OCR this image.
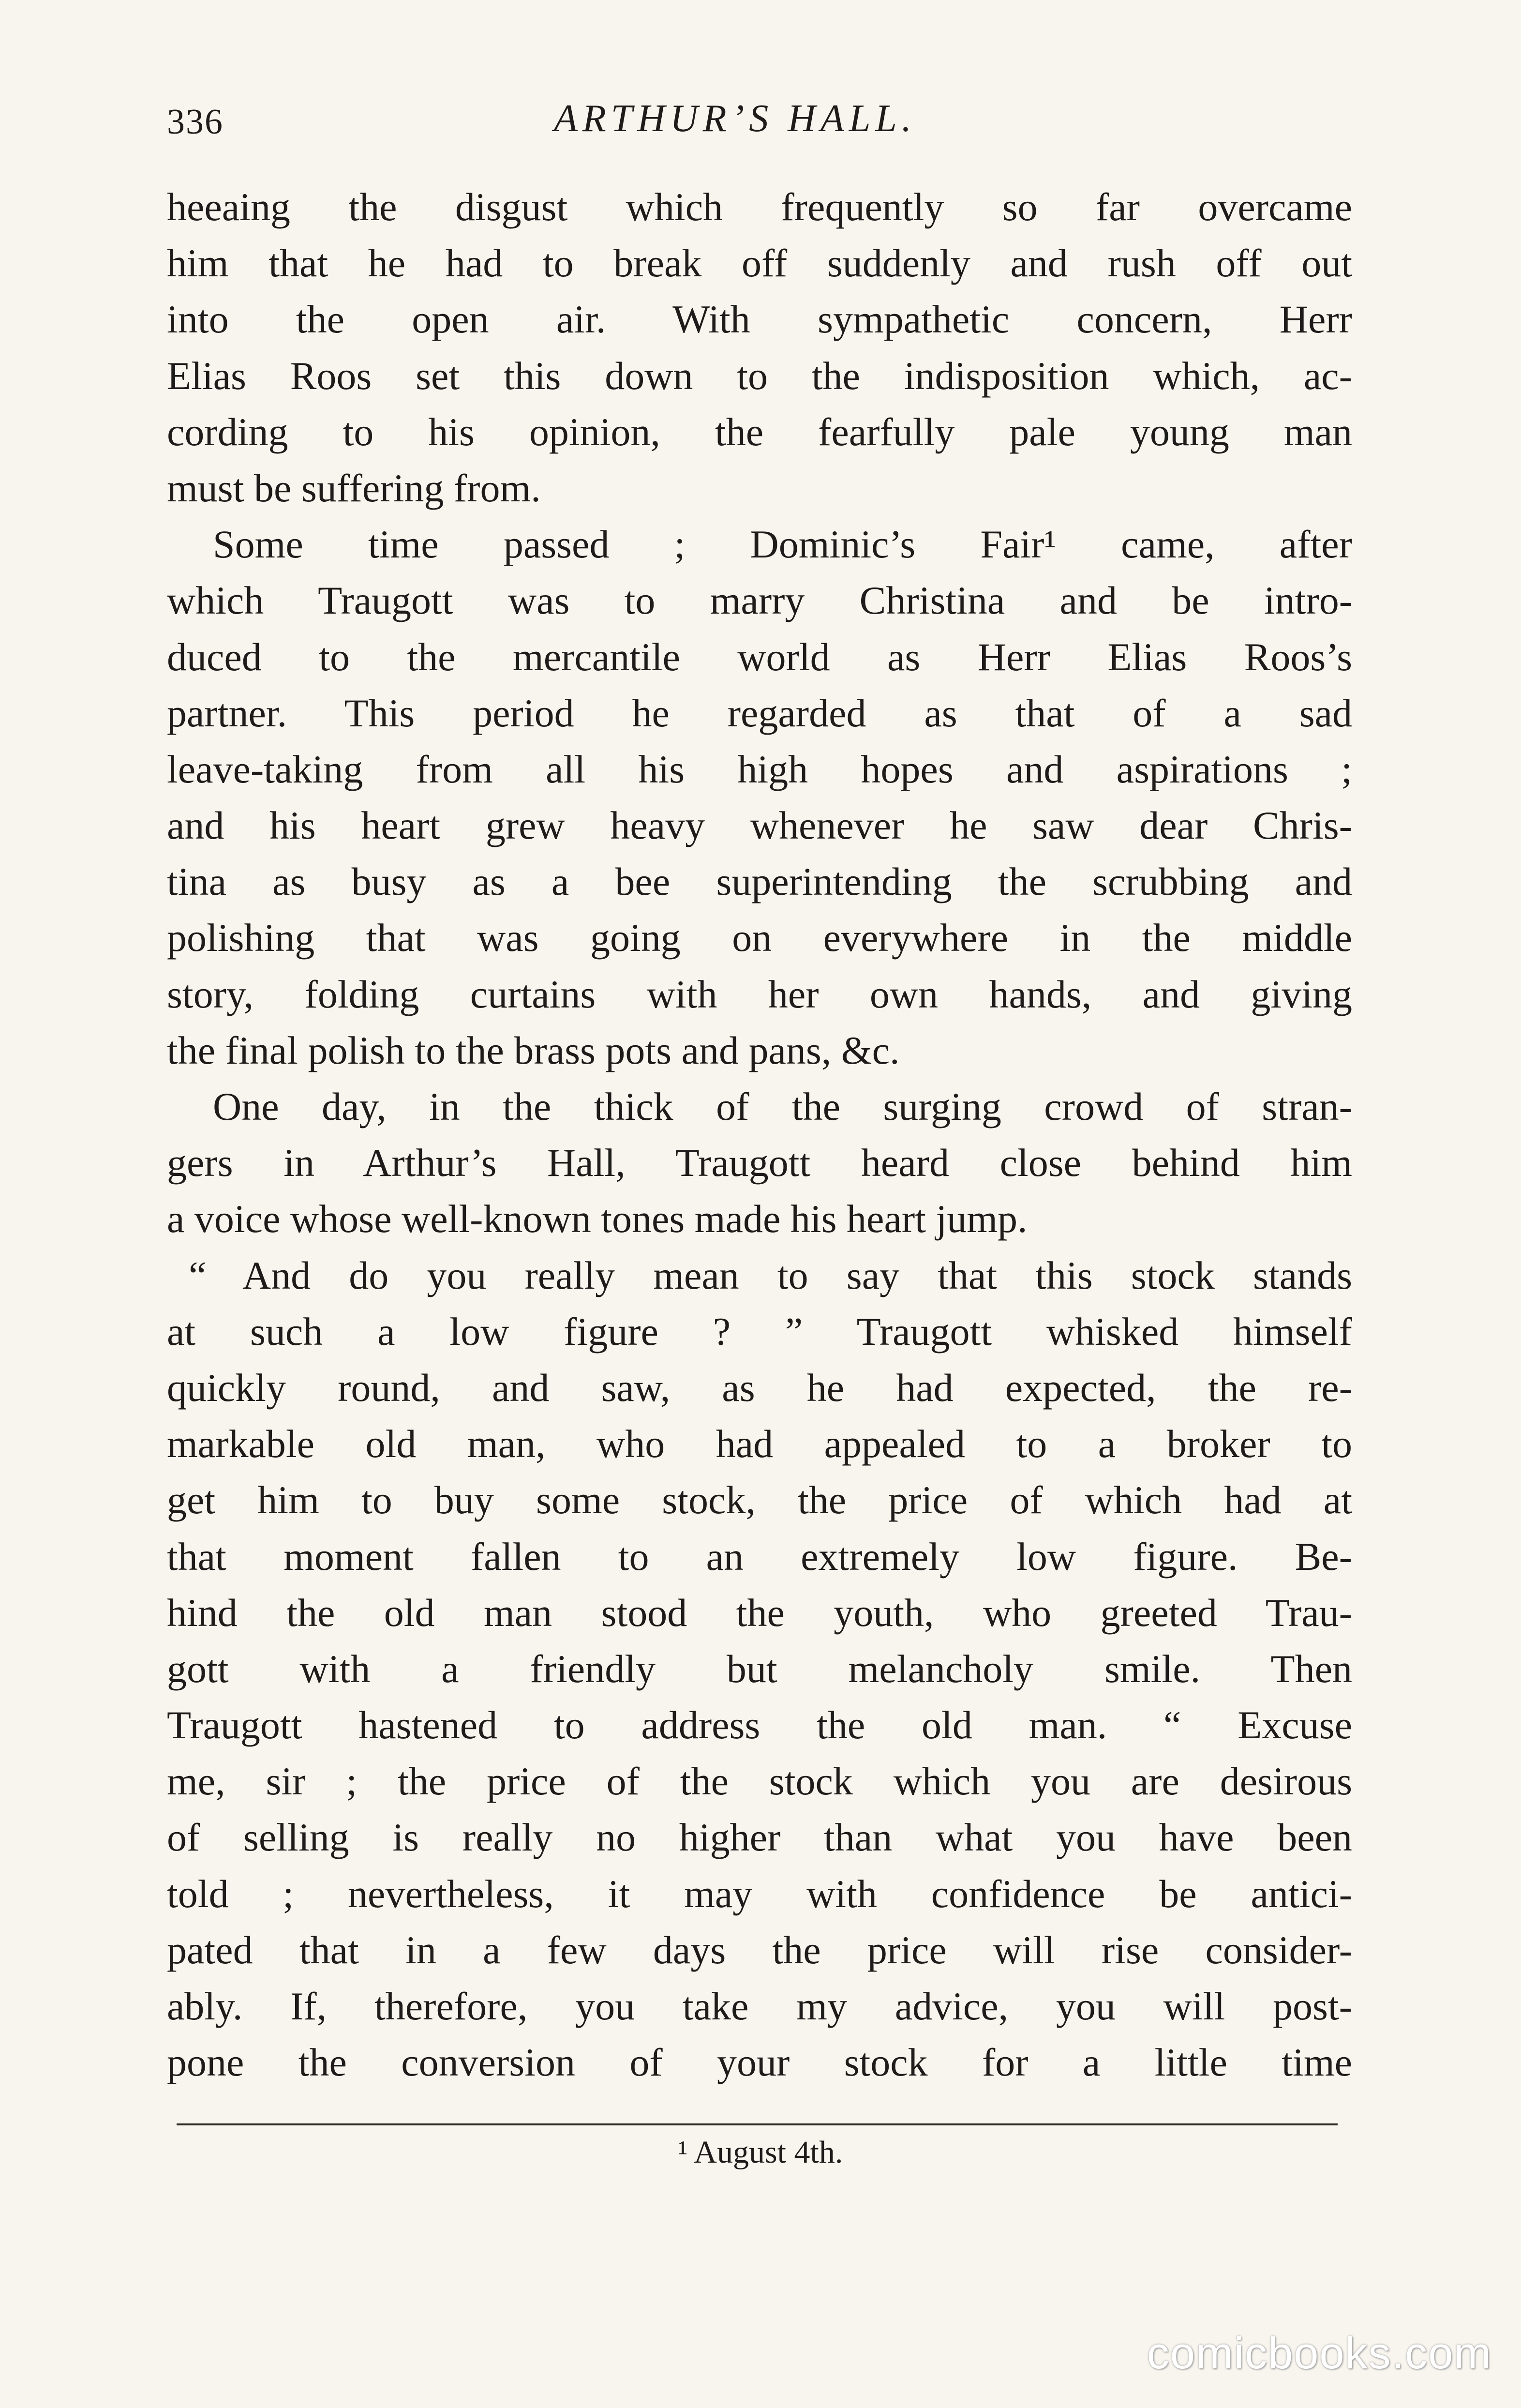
336	ARTHUR’S HALL.
heeaing the disgust which frequently so far overcame
him that he had to break off suddenly and rush off out
into the open air. With sympathetic concern, Herr
Elias Roos set this down to the indisposition which, ac-
cording to his opinion, the fearfully pale young man
must be suffering from.
Some time passed ; Dominic’s Fair¹ came, after
which Traugott was to marry Christina and be intro-
duced to the mercantile world as Herr Elias Roos’s
partner. This period he regarded as that of a sad
leave-taking from all his high hopes and aspirations ;
and his heart grew heavy whenever he saw dear Chris-
tina as busy as a bee superintending the scrubbing and
polishing that was going on everywhere in the middle
story, folding curtains with her own hands, and giving
the final polish to the brass pots and pans, &c.
One day, in the thick of the surging crowd of stran-
gers in Arthur’s Hall, Traugott heard close behind him
a voice whose well-known tones made his heart jump.
“ And do you really mean to say that this stock stands
at such a low figure ? ” Traugott whisked himself
quickly round, and saw, as he had expected, the re-
markable old man, who had appealed to a broker to
get him to buy some stock, the price of which had at
that moment fallen to an extremely low figure. Be-
hind the old man stood the youth, who greeted Trau-
gott with a friendly but melancholy smile. Then
Traugott hastened to address the old man. “ Excuse
me, sir ; the price of the stock which you are desirous
of selling is really no higher than what you have been
told ; nevertheless, it may with confidence be antici-
pated that in a few days the price will rise consider-
ably. If, therefore, you take my advice, you will post-
pone the conversion of your stock for a little time
¹ August 4th.
comicbooks.com
